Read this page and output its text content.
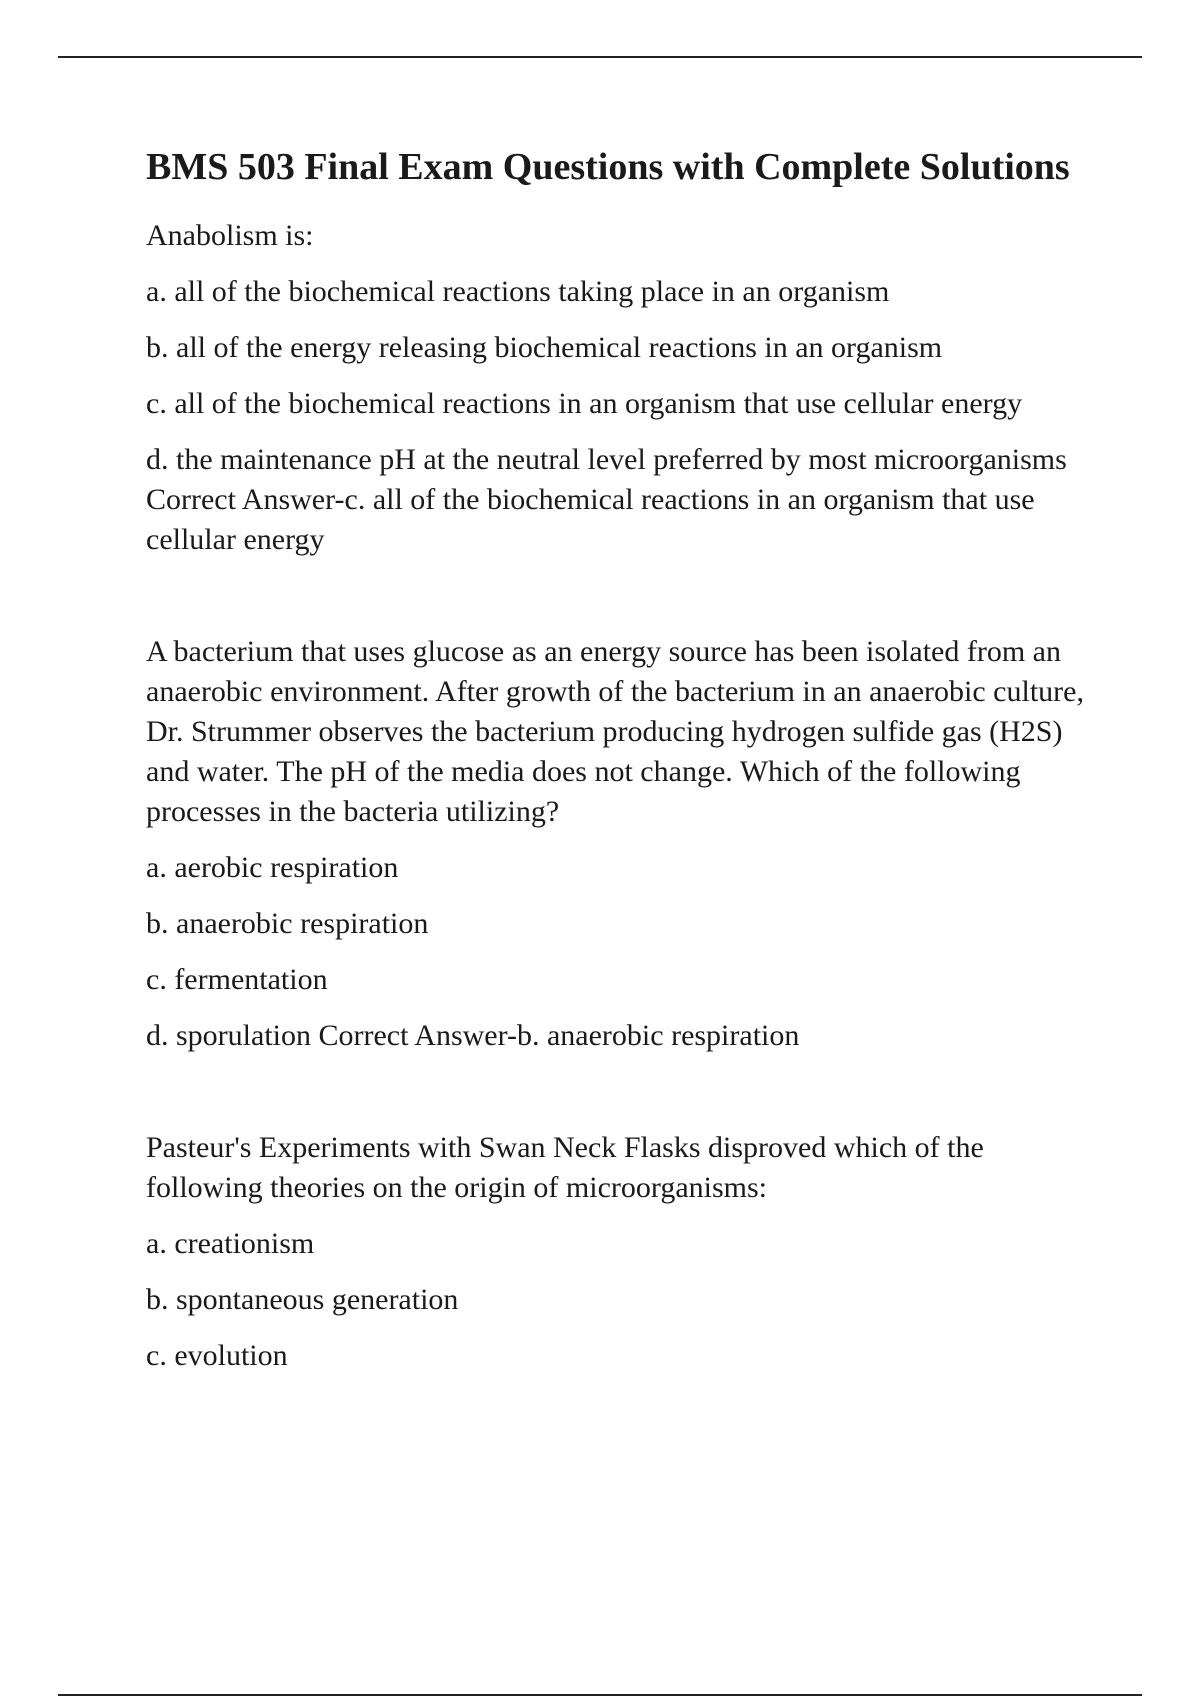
BMS 503 Final Exam Questions with Complete Solutions

Anabolism is:

a. all of the biochemical reactions taking place in an organism

b. all of the energy releasing biochemical reactions in an organism

c. all of the biochemical reactions in an organism that use cellular energy

d. the maintenance pH at the neutral level preferred by most microorganisms Correct Answer-c. all of the biochemical reactions in an organism that use cellular energy

A bacterium that uses glucose as an energy source has been isolated from an anaerobic environment. After growth of the bacterium in an anaerobic culture, Dr. Strummer observes the bacterium producing hydrogen sulfide gas (H2S) and water. The pH of the media does not change. Which of the following processes in the bacteria utilizing?

a. aerobic respiration

b. anaerobic respiration

c. fermentation

d. sporulation Correct Answer-b. anaerobic respiration

Pasteur's Experiments with Swan Neck Flasks disproved which of the following theories on the origin of microorganisms:

a. creationism

b. spontaneous generation

c. evolution
